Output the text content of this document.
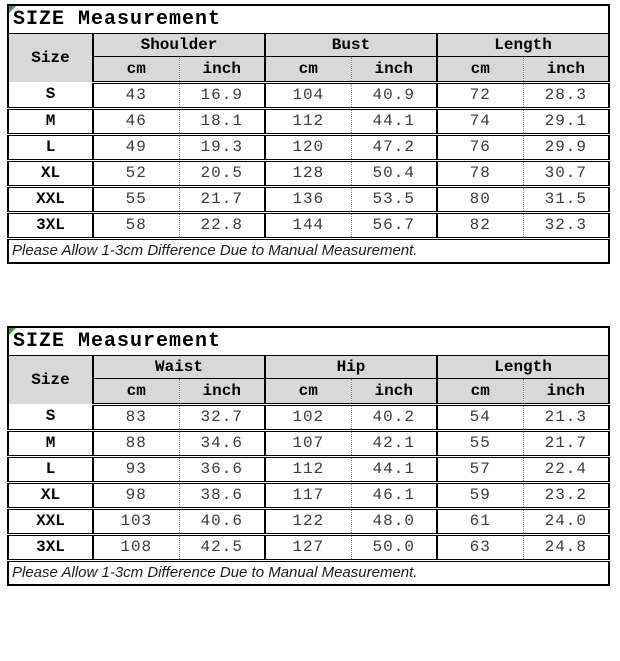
SIZE Measurement						
Size	Shoulder		Bust		Length	
	cm	inch	cm	inch	cm	inch
S	43	16.9	104	40.9	72	28.3
M	46	18.1	112	44.1	74	29.1
L	49	19.3	120	47.2	76	29.9
XL	52	20.5	128	50.4	78	30.7
XXL	55	21.7	136	53.5	80	31.5
3XL	58	22.8	144	56.7	82	32.3
Please Allow 1-3cm Difference Due to Manual Measurement.						
SIZE Measurement						
Size	Waist		Hip		Length	
	cm	inch	cm	inch	cm	inch
S	83	32.7	102	40.2	54	21.3
M	88	34.6	107	42.1	55	21.7
L	93	36.6	112	44.1	57	22.4
XL	98	38.6	117	46.1	59	23.2
XXL	103	40.6	122	48.0	61	24.0
3XL	108	42.5	127	50.0	63	24.8
Please Allow 1-3cm Difference Due to Manual Measurement.						
